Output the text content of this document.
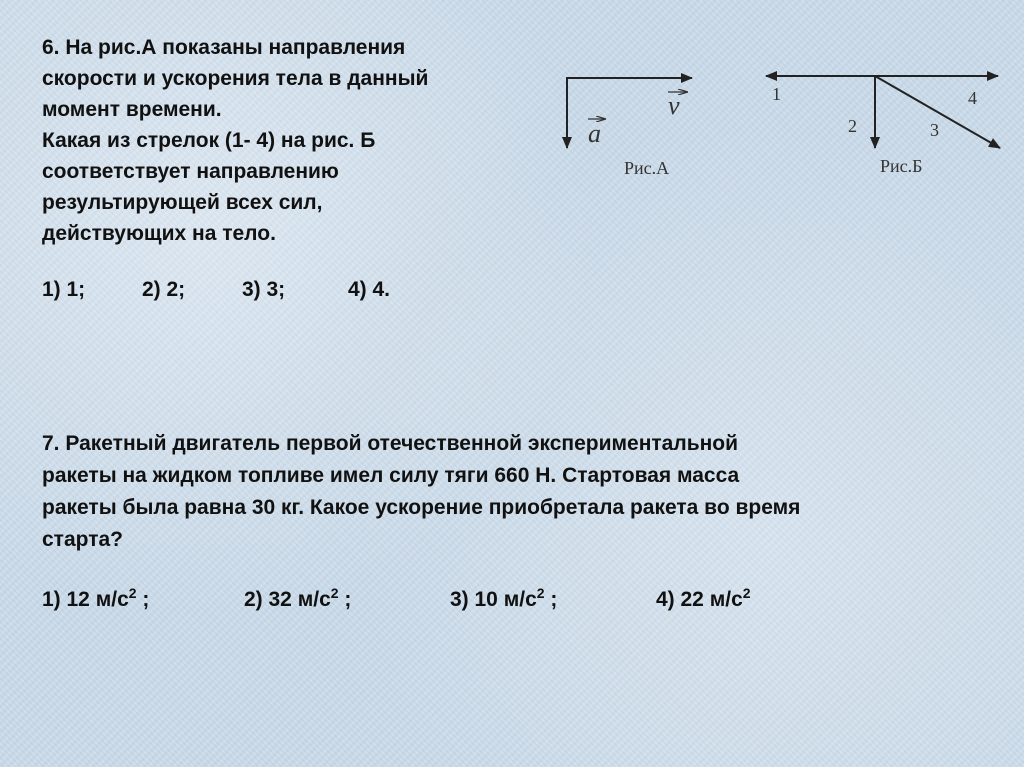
6. На рис.А показаны направления
скорости и ускорения тела в данный
момент времени.
Какая из стрелок (1- 4) на рис. Б
соответствует направлению
результирующей всех сил,
действующих на тело.
1) 1;	2) 2;	3) 3;	4) 4.
v
a
Рис.А
1
2	3
4
Рис.Б
7. Ракетный двигатель первой отечественной экспериментальной
ракеты на жидком топливе имел силу тяги 660 Н. Стартовая масса
ракеты была равна 30 кг. Какое ускорение приобретала ракета во время
старта?
1) 12 $м/с^2$ ;	2) 32 $м/с^2$ ;	3) 10 $м/с^2$ ;	4) 22 $м/с^2$
